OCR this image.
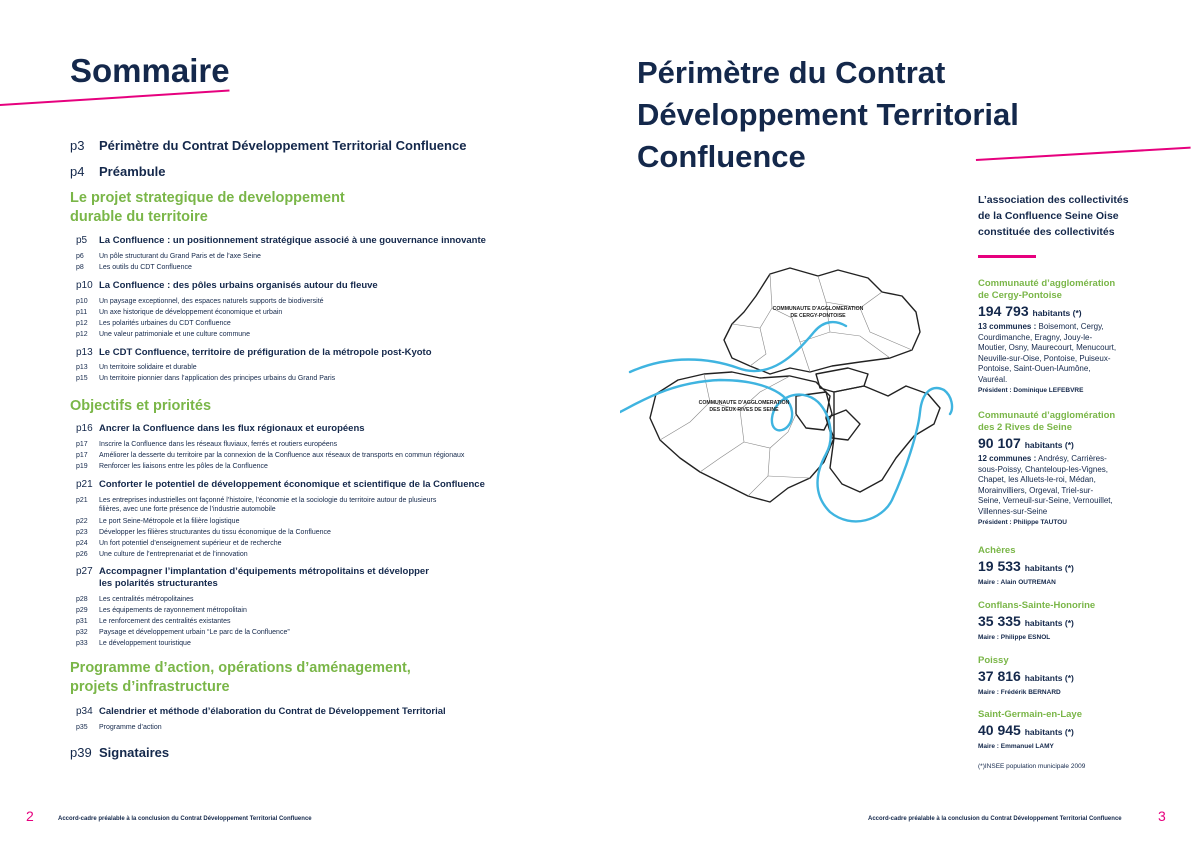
Sommaire
p3 Périmètre du Contrat Développement Territorial Confluence
p4 Préambule
Le projet strategique de developpement
durable du territoire
p5 La Confluence : un positionnement stratégique associé à une gouvernance innovante
p6 Un pôle structurant du Grand Paris et de l’axe Seine
p8 Les outils du CDT Confluence
p10 La Confluence : des pôles urbains organisés autour du fleuve
p10 Un paysage exceptionnel, des espaces naturels supports de biodiversité
p11 Un axe historique de développement économique et urbain
p12 Les polarités urbaines du CDT Confluence
p12 Une valeur patrimoniale et une culture commune
p13 Le CDT Confluence, territoire de préfiguration de la métropole post-Kyoto
p13 Un territoire solidaire et durable
p15 Un territoire pionnier dans l’application des principes urbains du Grand Paris
Objectifs et priorités
p16 Ancrer la Confluence dans les flux régionaux et européens
p17 Inscrire la Confluence dans les réseaux fluviaux, ferrés et routiers européens
p17 Améliorer la desserte du territoire par la connexion de la Confluence aux réseaux de transports en commun régionaux
p19 Renforcer les liaisons entre les pôles de la Confluence
p21 Conforter le potentiel de développement économique et scientifique de la Confluence
p21 Les entreprises industrielles ont façonné l’histoire, l’économie et la sociologie du territoire autour de plusieurs
filières, avec une forte présence de l’industrie automobile
p22 Le port Seine-Métropole et la filière logistique
p23 Développer les filières structurantes du tissu économique de la Confluence
p24 Un fort potentiel d’enseignement supérieur et de recherche
p26 Une culture de l’entreprenariat et de l’innovation
p27 Accompagner l’implantation d’équipements métropolitains et développer
les polarités structurantes
p28 Les centralités métropolitaines
p29 Les équipements de rayonnement métropolitain
p31 Le renforcement des centralités existantes
p32 Paysage et développement urbain “Le parc de la Confluence”
p33 Le développement touristique
Programme d’action, opérations d’aménagement,
projets d’infrastructure
p34 Calendrier et méthode d’élaboration du Contrat de Développement Territorial
p35 Programme d’action
p39 Signataires
2	Accord-cadre préalable à la conclusion du Contrat Développement Territorial Confluence
Périmètre du Contrat
Développement Territorial
Confluence
L’association des collectivités
de la Confluence Seine Oise
constituée des collectivités
COMMUNAUTE D'AGGLOMERATION
DE CERGY-PONTOISE
COMMUNAUTE D'AGGLOMERATION
DES DEUX RIVES DE SEINE
Communauté d’agglomération
de Cergy-Pontoise
194 793 habitants (*)
13 communes : Boisemont, Cergy,
Courdimanche, Eragny, Jouy-le-
Moutier, Osny, Maurecourt, Menucourt,
Neuville-sur-Oise, Pontoise, Puiseux-
Pontoise, Saint-Ouen-lAumône,
Vauréal.
Président : Dominique LEFEBVRE
Communauté d’agglomération
des 2 Rives de Seine
90 107 habitants (*)
12 communes : Andrésy, Carrières-
sous-Poissy, Chanteloup-les-Vignes,
Chapet, les Alluets-le-roi, Médan,
Morainvilliers, Orgeval, Triel-sur-
Seine, Verneuil-sur-Seine, Vernouillet,
Villennes-sur-Seine
Président : Philippe TAUTOU
Achères
19 533 habitants (*)
Maire : Alain OUTREMAN
Conflans-Sainte-Honorine
35 335 habitants (*)
Maire : Philippe ESNOL
Poissy
37 816 habitants (*)
Maire : Frédérik BERNARD
Saint-Germain-en-Laye
40 945 habitants (*)
Maire : Emmanuel LAMY
(*)INSEE population municipale 2009
Accord-cadre préalable à la conclusion du Contrat Développement Territorial Confluence	3
